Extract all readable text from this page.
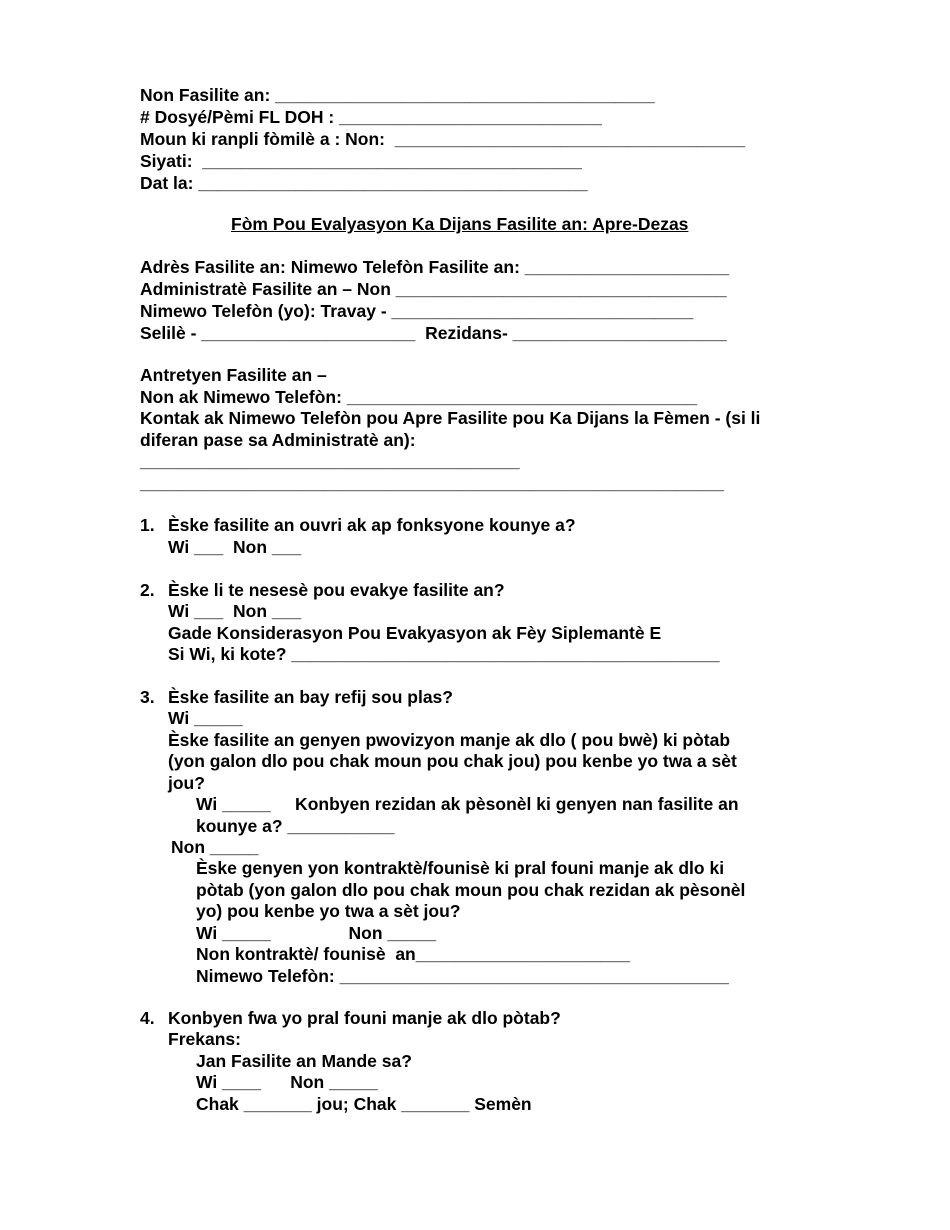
Non Fasilite an: _______________________________________
# Dosyé/Pèmi FL DOH : ___________________________
Moun ki ranpli fòmilè a : Non:  ____________________________________
Siyati:  _______________________________________
Dat la: ________________________________________
Fòm Pou Evalyasyon Ka Dijans Fasilite an: Apre-Dezas
Adrès Fasilite an: Nimewo Telefòn Fasilite an: _____________________
Administratè Fasilite an – Non __________________________________
Nimewo Telefòn (yo): Travay - _______________________________
Selilè - ______________________  Rezidans- ______________________
Antretyen Fasilite an –
Non ak Nimewo Telefòn: ____________________________________
Kontak ak Nimewo Telefòn pou Apre Fasilite pou Ka Dijans la Fèmen - (si li
diferan pase sa Administratè an):
_______________________________________
____________________________________________________________
1. Èske fasilite an ouvri ak ap fonksyone kounye a?
Wi ___  Non ___
2. Èske li te nesesè pou evakye fasilite an?
Wi ___  Non ___
Gade Konsiderasyon Pou Evakyasyon ak Fèy Siplemantè E
Si Wi, ki kote? ____________________________________________
3. Èske fasilite an bay refij sou plas?
Wi _____
Èske fasilite an genyen pwovizyon manje ak dlo ( pou bwè) ki pòtab
(yon galon dlo pou chak moun pou chak jou) pou kenbe yo twa a sèt
jou?
Wi _____     Konbyen rezidan ak pèsonèl ki genyen nan fasilite an
kounye a? ___________
Non _____
Èske genyen yon kontraktè/founisè ki pral founi manje ak dlo ki
pòtab (yon galon dlo pou chak moun pou chak rezidan ak pèsonèl
yo) pou kenbe yo twa a sèt jou?
Wi _____                Non _____
Non kontraktè/ founisè  an______________________
Nimewo Telefòn: ________________________________________
4. Konbyen fwa yo pral founi manje ak dlo pòtab?
Frekans:
Jan Fasilite an Mande sa?
Wi ____      Non _____
Chak _______ jou; Chak _______ Semèn
